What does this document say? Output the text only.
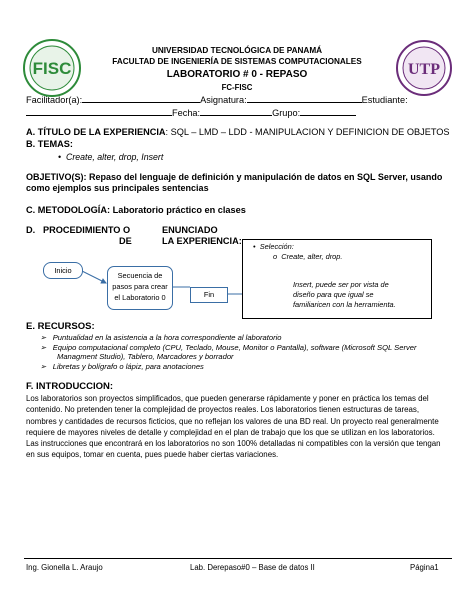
FISC	UTP
UNIVERSIDAD TECNOLÓGICA DE PANAMÁ
FACULTAD DE INGENIERÍA DE SISTEMAS COMPUTACIONALES
LABORATORIO # 0 - REPASO
FC-FISC
Facilitador(a):	Asignatura:	Estudiante:
Fecha:	Grupo:
A. TÍTULO DE LA EXPERIENCIA: SQL – LMD – LDD - MANIPULACION Y DEFINICION DE OBJETOS
B. TEMAS:
• Create, alter, drop, Insert
OBJETIVO(S): Repaso del lenguaje de definición y manipulación de datos en SQL Server, usando
como ejemplos sus principales sentencias
C. METODOLOGÍA: Laboratorio práctico en clases
D. PROCEDIMIENTO O
DE
ENUNCIADO
LA EXPERIENCIA:
Inicio
Secuencia de
pasos para crear
el Laboratorio 0	Fin
• Selección:
o Create, alter, drop.
Insert, puede ser por vista de
diseño para que igual se
familiaricen con la herramienta.
E. RECURSOS:
➢ Puntualidad en la asistencia a la hora correspondiente al laboratorio
➢ Equipo computacional completo (CPU, Teclado, Mouse, Monitor o Pantalla), software (Microsoft SQL Server
Managment Studio), Tablero, Marcadores y borrador
➢ Libretas y bolígrafo o lápiz, para anotaciones
F. INTRODUCCION:
Los laboratorios son proyectos simplificados, que pueden generarse rápidamente y poner en práctica los temas del
contenido. No pretenden tener la complejidad de proyectos reales. Los laboratorios tienen estructuras de tareas,
nombres y cantidades de recursos ficticios, que no reflejan los valores de una BD real. Un proyecto real generalmente
requiere de mayores niveles de detalle y complejidad en el plan de trabajo que los que se utilizan en los laboratorios.
Las instrucciones que encontrará en los laboratorios no son 100% detalladas ni compatibles con la versión que tengan
en sus equipos, tomar en cuenta, pues puede haber ciertas variaciones.
Ing. Gionella L. Araujo	Lab. Derepaso#0 – Base de datos II	Página1
